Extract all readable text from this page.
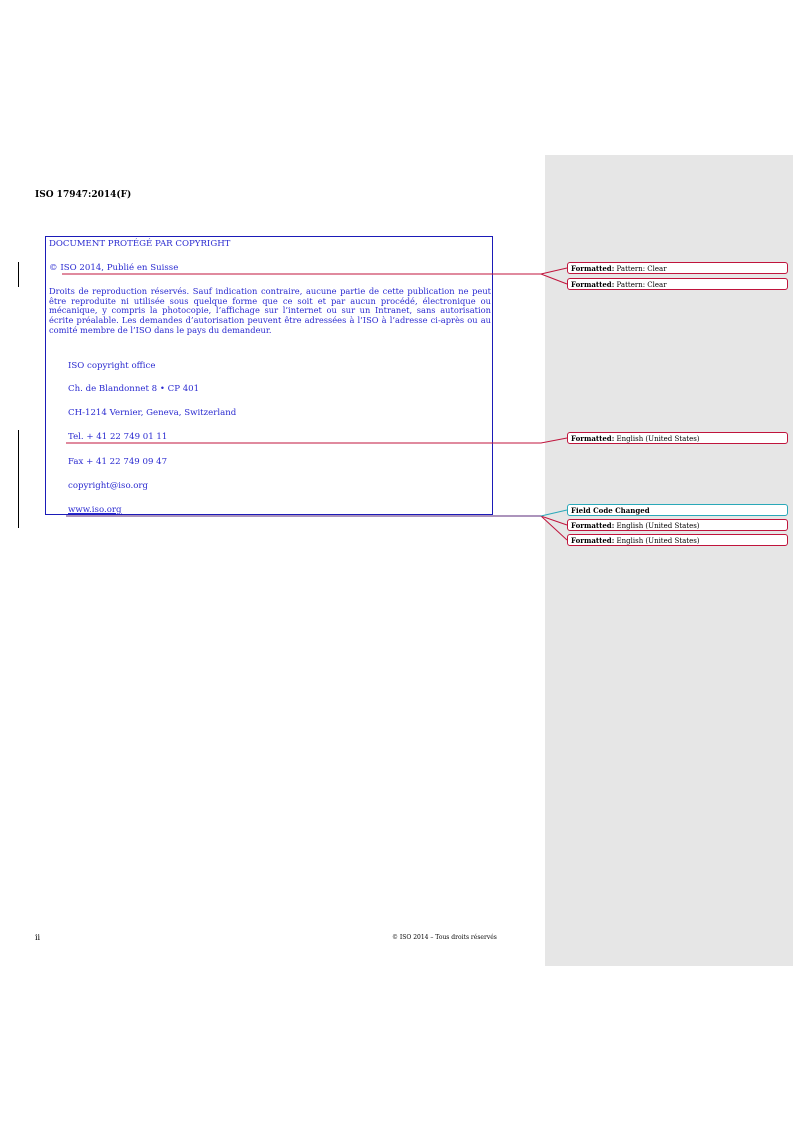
ISO 17947:2014(F)
DOCUMENT PROTÉGÉ PAR COPYRIGHT
© ISO 2014, Publié en Suisse
Droits de reproduction réservés. Sauf indication contraire, aucune partie de cette publication ne peut être reproduite ni utilisée sous quelque forme que ce soit et par aucun procédé, électronique ou mécanique, y compris la photocopie, l’affichage sur l’internet ou sur un Intranet, sans autorisation écrite préalable. Les demandes d’autorisation peuvent être adressées à l’ISO à l’adresse ci-après ou au comité membre de l’ISO dans le pays du demandeur.
ISO copyright office
Ch. de Blandonnet 8 • CP 401
CH-1214 Vernier, Geneva, Switzerland
Tel. + 41 22 749 01 11
Fax + 41 22 749 09 47
copyright@iso.org
www.iso.org
Formatted: Pattern: Clear
Formatted: Pattern: Clear
Formatted: English (United States)
Field Code Changed
Formatted: English (United States)
Formatted: English (United States)
ii	© ISO 2014 – Tous droits réservés
